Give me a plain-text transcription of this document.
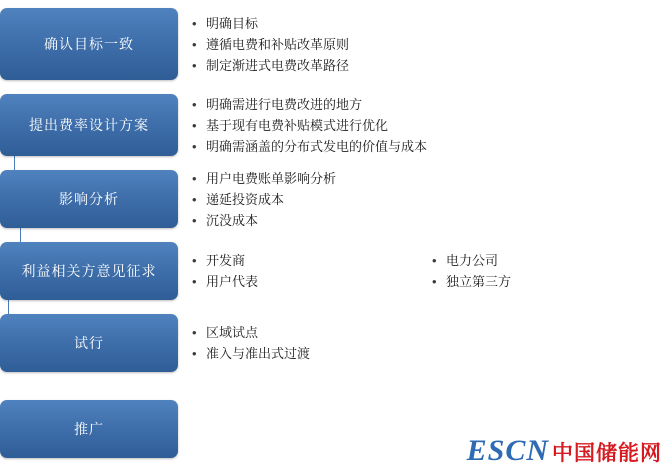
确认目标一致
• 明确目标
• 遵循电费和补贴改革原则
• 制定渐进式电费改革路径
提出费率设计方案
• 明确需进行电费改进的地方
• 基于现有电费补贴模式进行优化
• 明确需涵盖的分布式发电的价值与成本
影响分析
• 用户电费账单影响分析
• 递延投资成本
• 沉没成本
利益相关方意见征求
• 开发商	• 电力公司
• 用户代表	• 独立第三方
试行
• 区域试点
• 准入与准出式过渡
推广
ESCN 中国储能网
